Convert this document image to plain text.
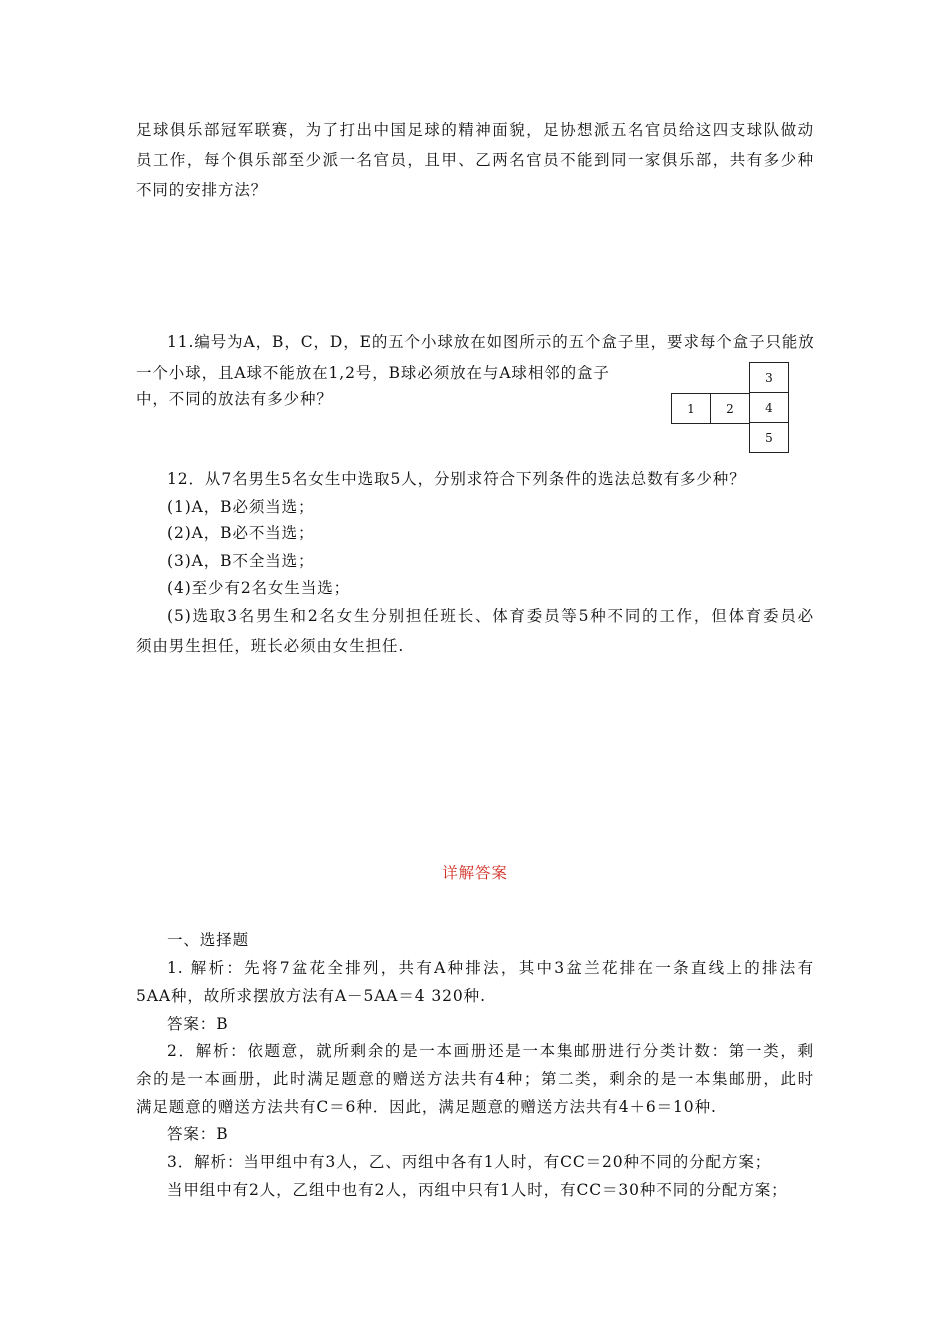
足球俱乐部冠军联赛，为了打出中国足球的精神面貌，足协想派五名官员给这四支球队做动
员工作，每个俱乐部至少派一名官员，且甲、乙两名官员不能到同一家俱乐部，共有多少种
不同的安排方法？
11.编号为A，B，C，D，E的五个小球放在如图所示的五个盒子里，要求每个盒子只能放
一个小球，且A球不能放在1,2号，B球必须放在与A球相邻的盒子
中，不同的放法有多少种？
1	2
3
4
5
12．从7名男生5名女生中选取5人，分别求符合下列条件的选法总数有多少种？
(1)A，B必须当选；
(2)A，B必不当选；
(3)A，B不全当选；
(4)至少有2名女生当选；
(5)选取3名男生和2名女生分别担任班长、体育委员等5种不同的工作，但体育委员必
须由男生担任，班长必须由女生担任.
详解答案
一、选择题
1. 解析：先将7盆花全排列，共有A种排法，其中3盆兰花排在一条直线上的排法有
5AA种，故所求摆放方法有A－5AA＝4 320种.
答案：B
2．解析：依题意，就所剩余的是一本画册还是一本集邮册进行分类计数：第一类，剩
余的是一本画册，此时满足题意的赠送方法共有4种；第二类，剩余的是一本集邮册，此时
满足题意的赠送方法共有C＝6种．因此，满足题意的赠送方法共有4＋6＝10种.
答案：B
3．解析：当甲组中有3人，乙、丙组中各有1人时，有CC＝20种不同的分配方案；
当甲组中有2人，乙组中也有2人，丙组中只有1人时，有CC＝30种不同的分配方案；
